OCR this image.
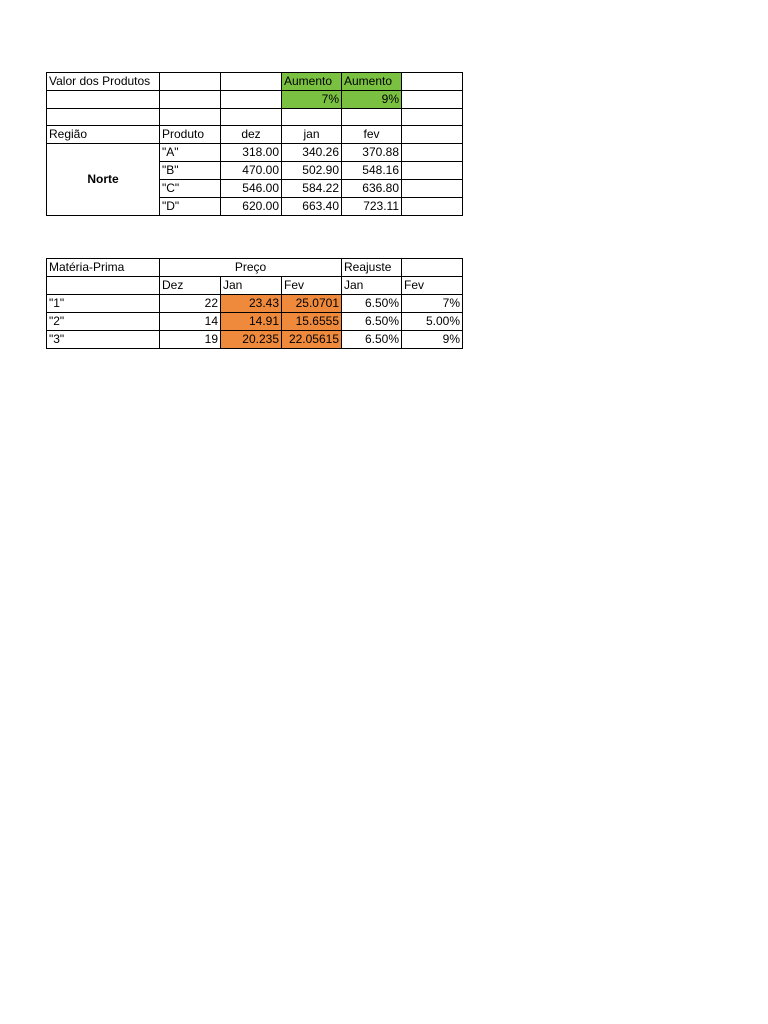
Valor dos Produtos			Aumento	Aumento	
			7%	9%	

Região	Produto	dez	jan	fev	
Norte	"A"	318.00	340.26	370.88	
	"B"	470.00	502.90	548.16	
	"C"	546.00	584.22	636.80	
	"D"	620.00	663.40	723.11	
Matéria-Prima	Preço			Reajuste	
	Dez	Jan	Fev	Jan	Fev
"1"	22	23.43	25.0701	6.50%	7%
"2"	14	14.91	15.6555	6.50%	5.00%
"3"	19	20.235	22.05615	6.50%	9%
